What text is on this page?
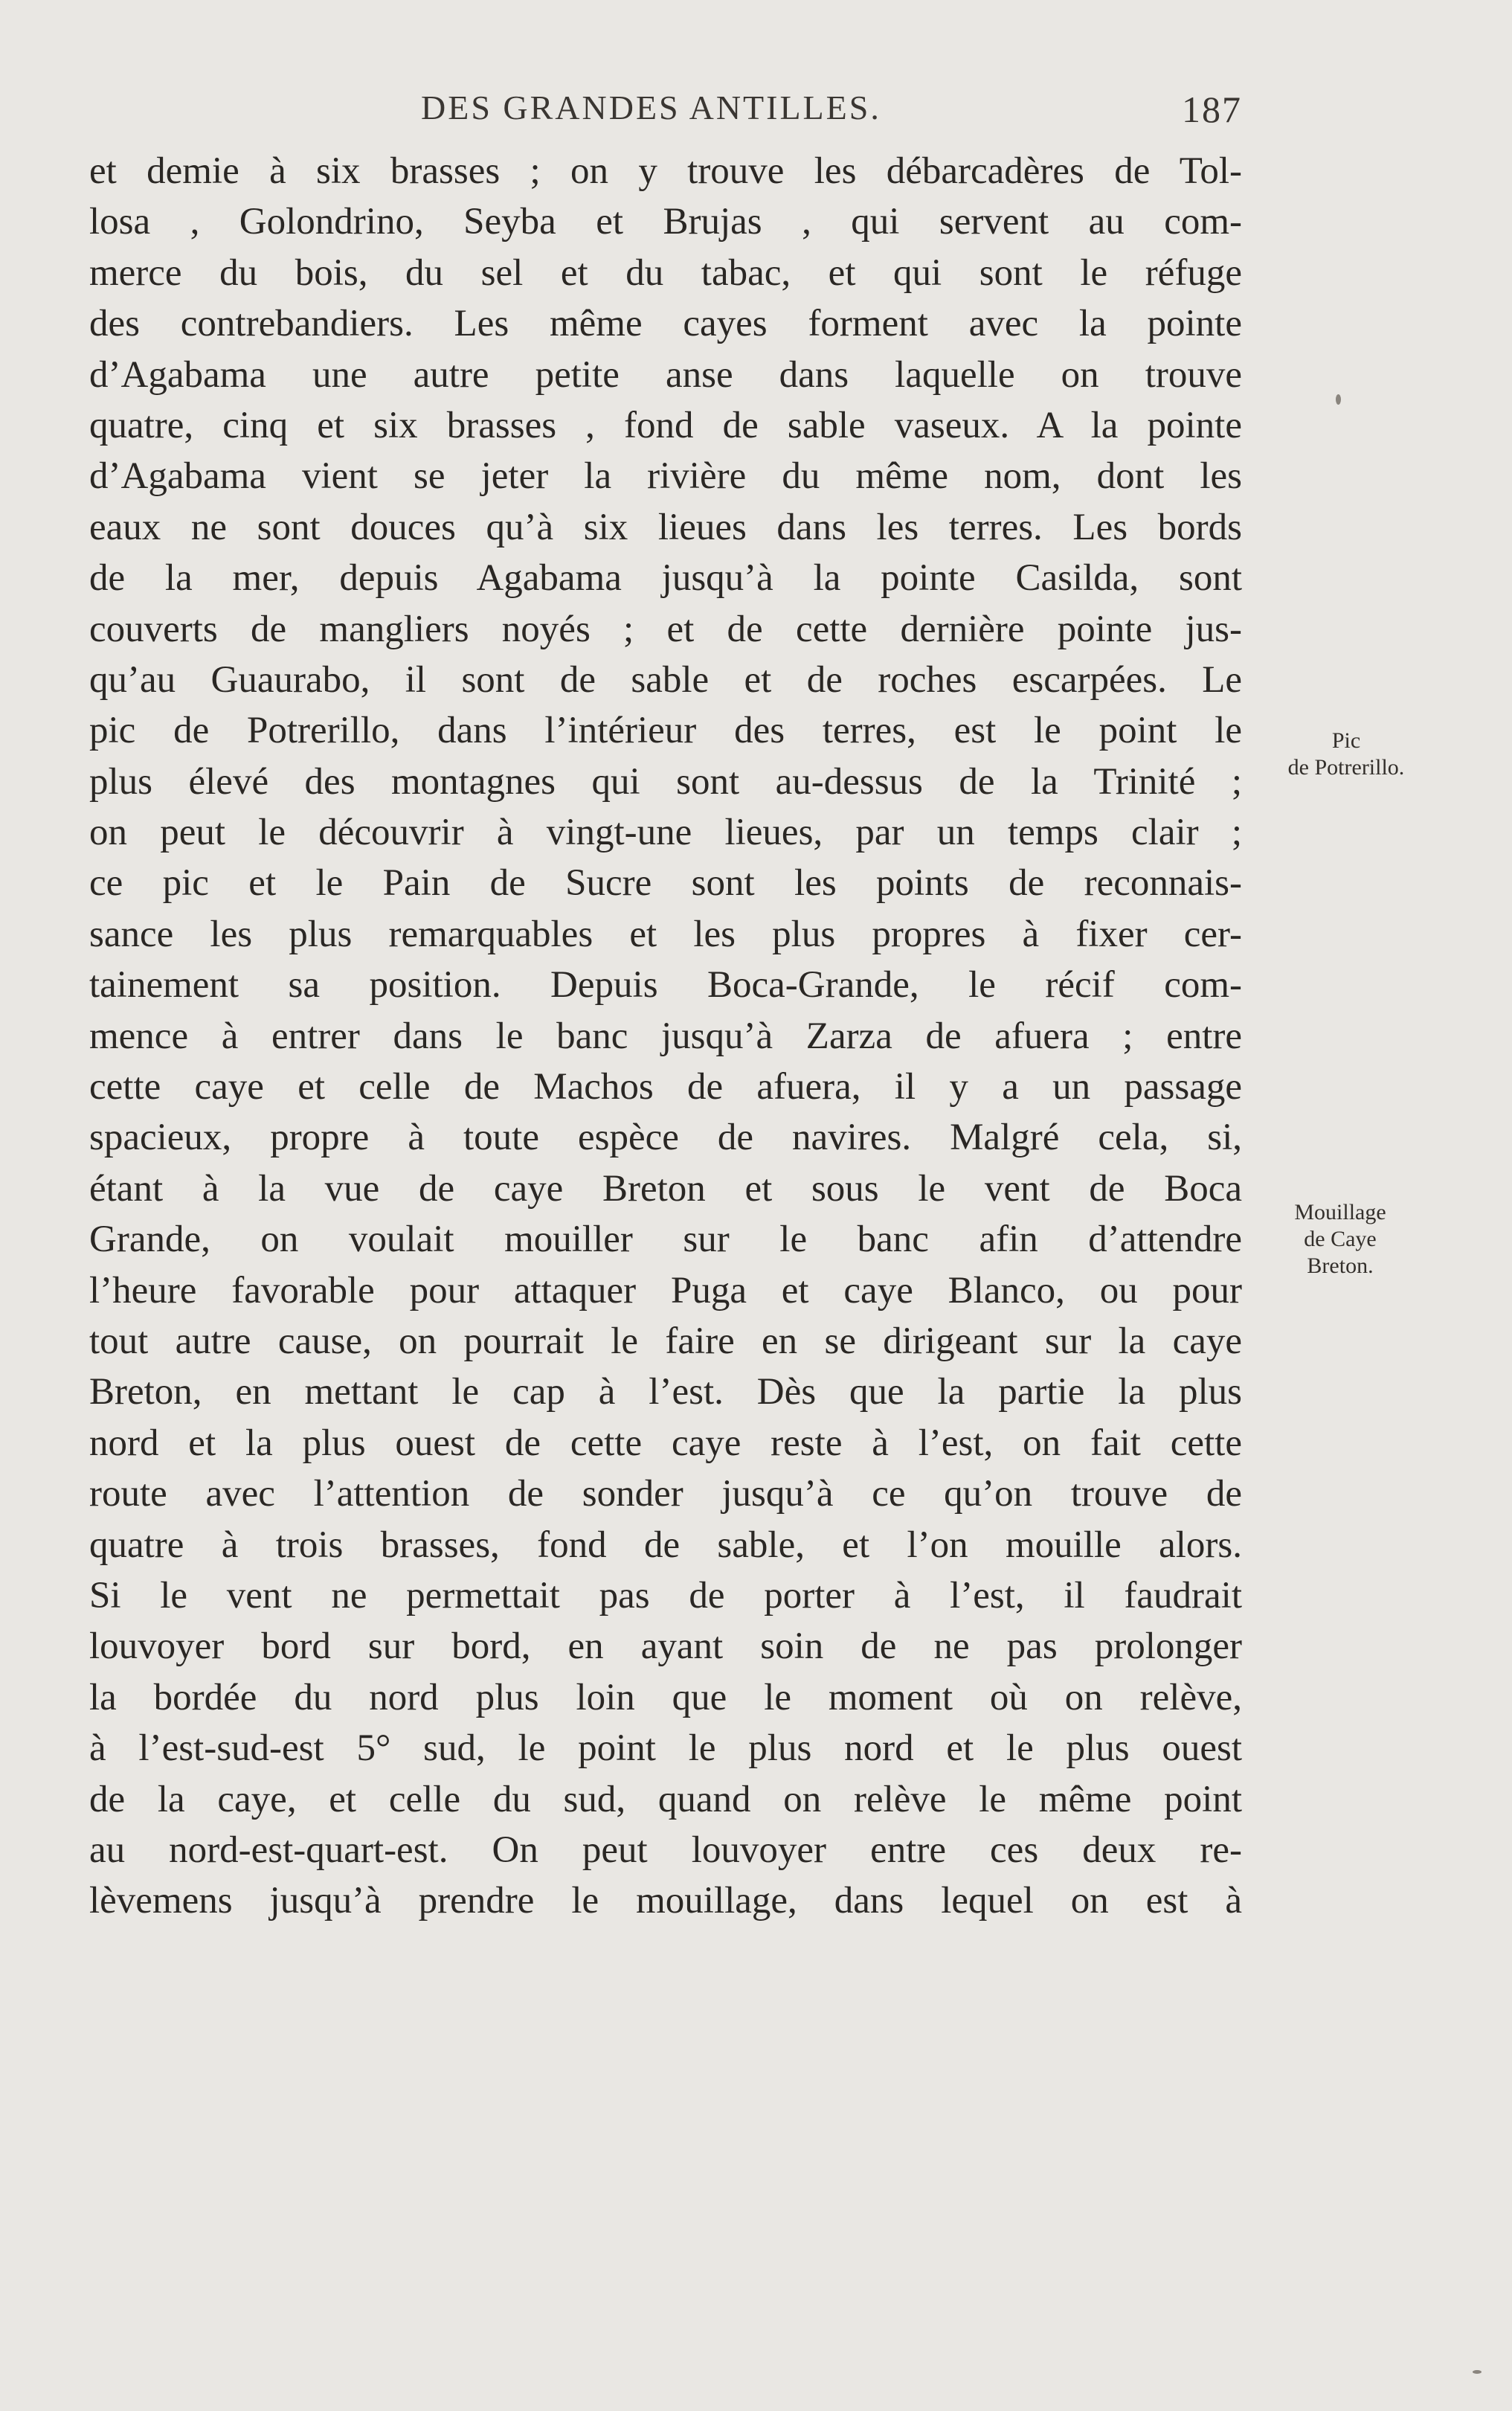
DES GRANDES ANTILLES.	187
et demie à six brasses ; on y trouve les débarcadères de Tol-
losa , Golondrino, Seyba et Brujas , qui servent au com-
merce du bois, du sel et du tabac, et qui sont le réfuge
des contrebandiers. Les même cayes forment avec la pointe
d’Agabama une autre petite anse dans laquelle on trouve
quatre, cinq et six brasses , fond de sable vaseux. A la pointe
d’Agabama vient se jeter la rivière du même nom, dont les
eaux ne sont douces qu’à six lieues dans les terres. Les bords
de la mer, depuis Agabama jusqu’à la pointe Casilda, sont
couverts de mangliers noyés ; et de cette dernière pointe jus-
qu’au Guaurabo, il sont de sable et de roches escarpées. Le
pic de Potrerillo, dans l’intérieur des terres, est le point le
plus élevé des montagnes qui sont au-dessus de la Trinité ;
on peut le découvrir à vingt-une lieues, par un temps clair ;
ce pic et le Pain de Sucre sont les points de reconnais-
sance les plus remarquables et les plus propres à fixer cer-
tainement sa position. Depuis Boca-Grande, le récif com-
mence à entrer dans le banc jusqu’à Zarza de afuera ; entre
cette caye et celle de Machos de afuera, il y a un passage
spacieux, propre à toute espèce de navires. Malgré cela, si,
étant à la vue de caye Breton et sous le vent de Boca
Grande, on voulait mouiller sur le banc afin d’attendre
l’heure favorable pour attaquer Puga et caye Blanco, ou pour
tout autre cause, on pourrait le faire en se dirigeant sur la caye
Breton, en mettant le cap à l’est. Dès que la partie la plus
nord et la plus ouest de cette caye reste à l’est, on fait cette
route avec l’attention de sonder jusqu’à ce qu’on trouve de
quatre à trois brasses, fond de sable, et l’on mouille alors.
Si le vent ne permettait pas de porter à l’est, il faudrait
louvoyer bord sur bord, en ayant soin de ne pas prolonger
la bordée du nord plus loin que le moment où on relève,
à l’est-sud-est 5° sud, le point le plus nord et le plus ouest
de la caye, et celle du sud, quand on relève le même point
au nord-est-quart-est. On peut louvoyer entre ces deux re-
lèvemens jusqu’à prendre le mouillage, dans lequel on est à
Pic
de Potrerillo.
Mouillage
de Caye
Breton.
